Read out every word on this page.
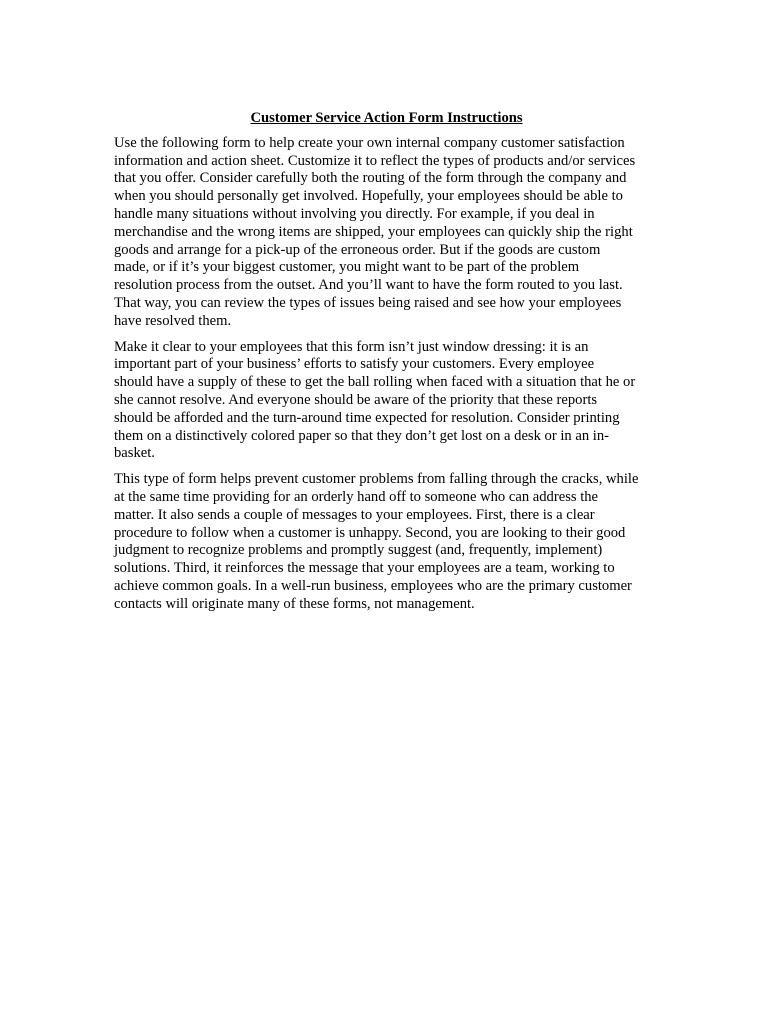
Customer Service Action Form Instructions
Use the following form to help create your own internal company customer satisfaction
information and action sheet. Customize it to reflect the types of products and/or services
that you offer. Consider carefully both the routing of the form through the company and
when you should personally get involved. Hopefully, your employees should be able to
handle many situations without involving you directly. For example, if you deal in
merchandise and the wrong items are shipped, your employees can quickly ship the right
goods and arrange for a pick-up of the erroneous order. But if the goods are custom
made, or if it’s your biggest customer, you might want to be part of the problem
resolution process from the outset. And you’ll want to have the form routed to you last.
That way, you can review the types of issues being raised and see how your employees
have resolved them.
Make it clear to your employees that this form isn’t just window dressing: it is an
important part of your business’ efforts to satisfy your customers. Every employee
should have a supply of these to get the ball rolling when faced with a situation that he or
she cannot resolve. And everyone should be aware of the priority that these reports
should be afforded and the turn-around time expected for resolution. Consider printing
them on a distinctively colored paper so that they don’t get lost on a desk or in an in-
basket.
This type of form helps prevent customer problems from falling through the cracks, while
at the same time providing for an orderly hand off to someone who can address the
matter. It also sends a couple of messages to your employees. First, there is a clear
procedure to follow when a customer is unhappy. Second, you are looking to their good
judgment to recognize problems and promptly suggest (and, frequently, implement)
solutions. Third, it reinforces the message that your employees are a team, working to
achieve common goals. In a well-run business, employees who are the primary customer
contacts will originate many of these forms, not management.
